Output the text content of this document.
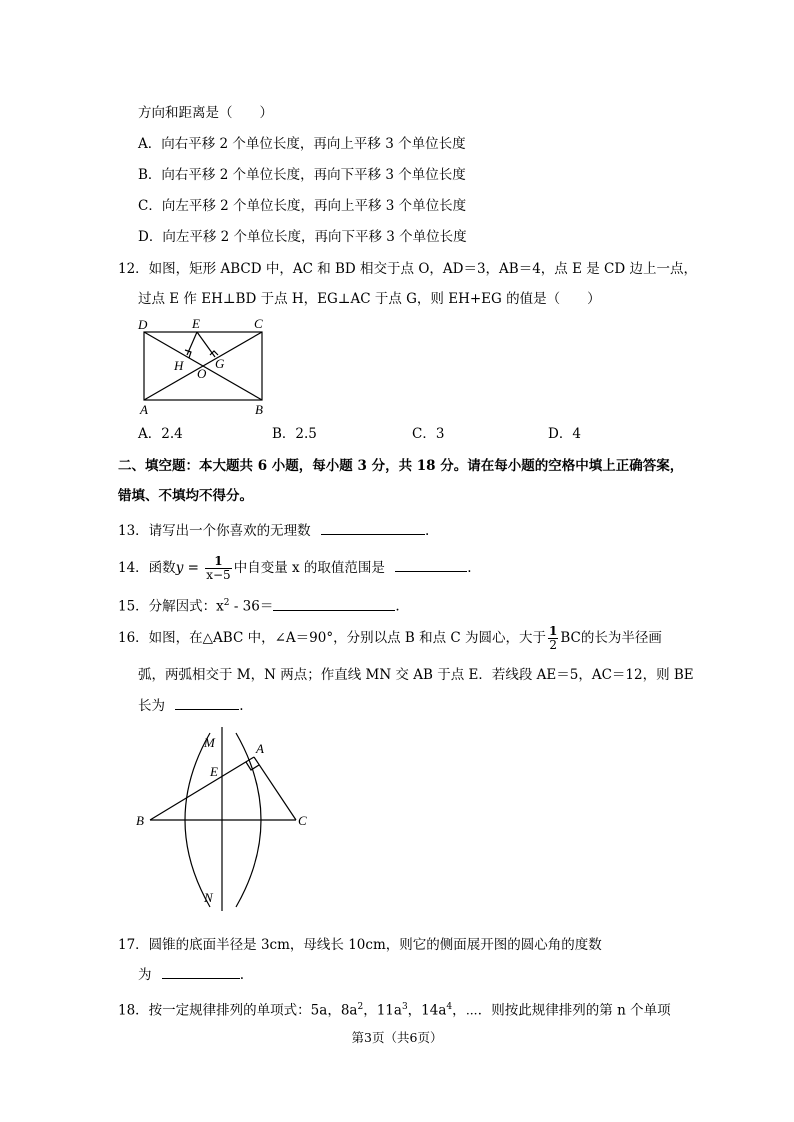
方向和距离是（　　）
A．向右平移 2 个单位长度，再向上平移 3 个单位长度
B．向右平移 2 个单位长度，再向下平移 3 个单位长度
C．向左平移 2 个单位长度，再向上平移 3 个单位长度
D．向左平移 2 个单位长度，再向下平移 3 个单位长度
12．如图，矩形 ABCD 中，AC 和 BD 相交于点 O，AD＝3，AB＝4，点 E 是 CD 边上一点，
过点 E 作 EH⊥BD 于点 H，EG⊥AC 于点 G，则 EH+EG 的值是（　　）
D	E	C
H G
O
A	B
A．2.4	B．2.5	C．3	D．4
二、填空题：本大题共 6 小题，每小题 3 分，共 18 分。请在每小题的空格中填上正确答案，
错填、不填均不得分。
13．请写出一个你喜欢的无理数	.
14．函数$y = \frac{1}{x-5}$ 中自变量 x 的取值范围是	.
15．分解因式：$x^2 - 36=$	.
16．如图，在△ABC 中，∠A＝90°，分别以点 B 和点 C 为圆心，大于 $\frac{1}{2}$ BC的长为半径画
弧，两弧相交于 M，N 两点；作直线 MN 交 AB 于点 E．若线段 AE＝5，AC＝12，则 BE
长为	.
M	A
E
B	C
N
17．圆锥的底面半径是 3cm，母线长 10cm，则它的侧面展开图的圆心角的度数
为	.
18．按一定规律排列的单项式：5a，$8a^2$，$11a^3$，$14a^4$，⋯．则按此规律排列的第 n 个单项
第3页（共6页）
